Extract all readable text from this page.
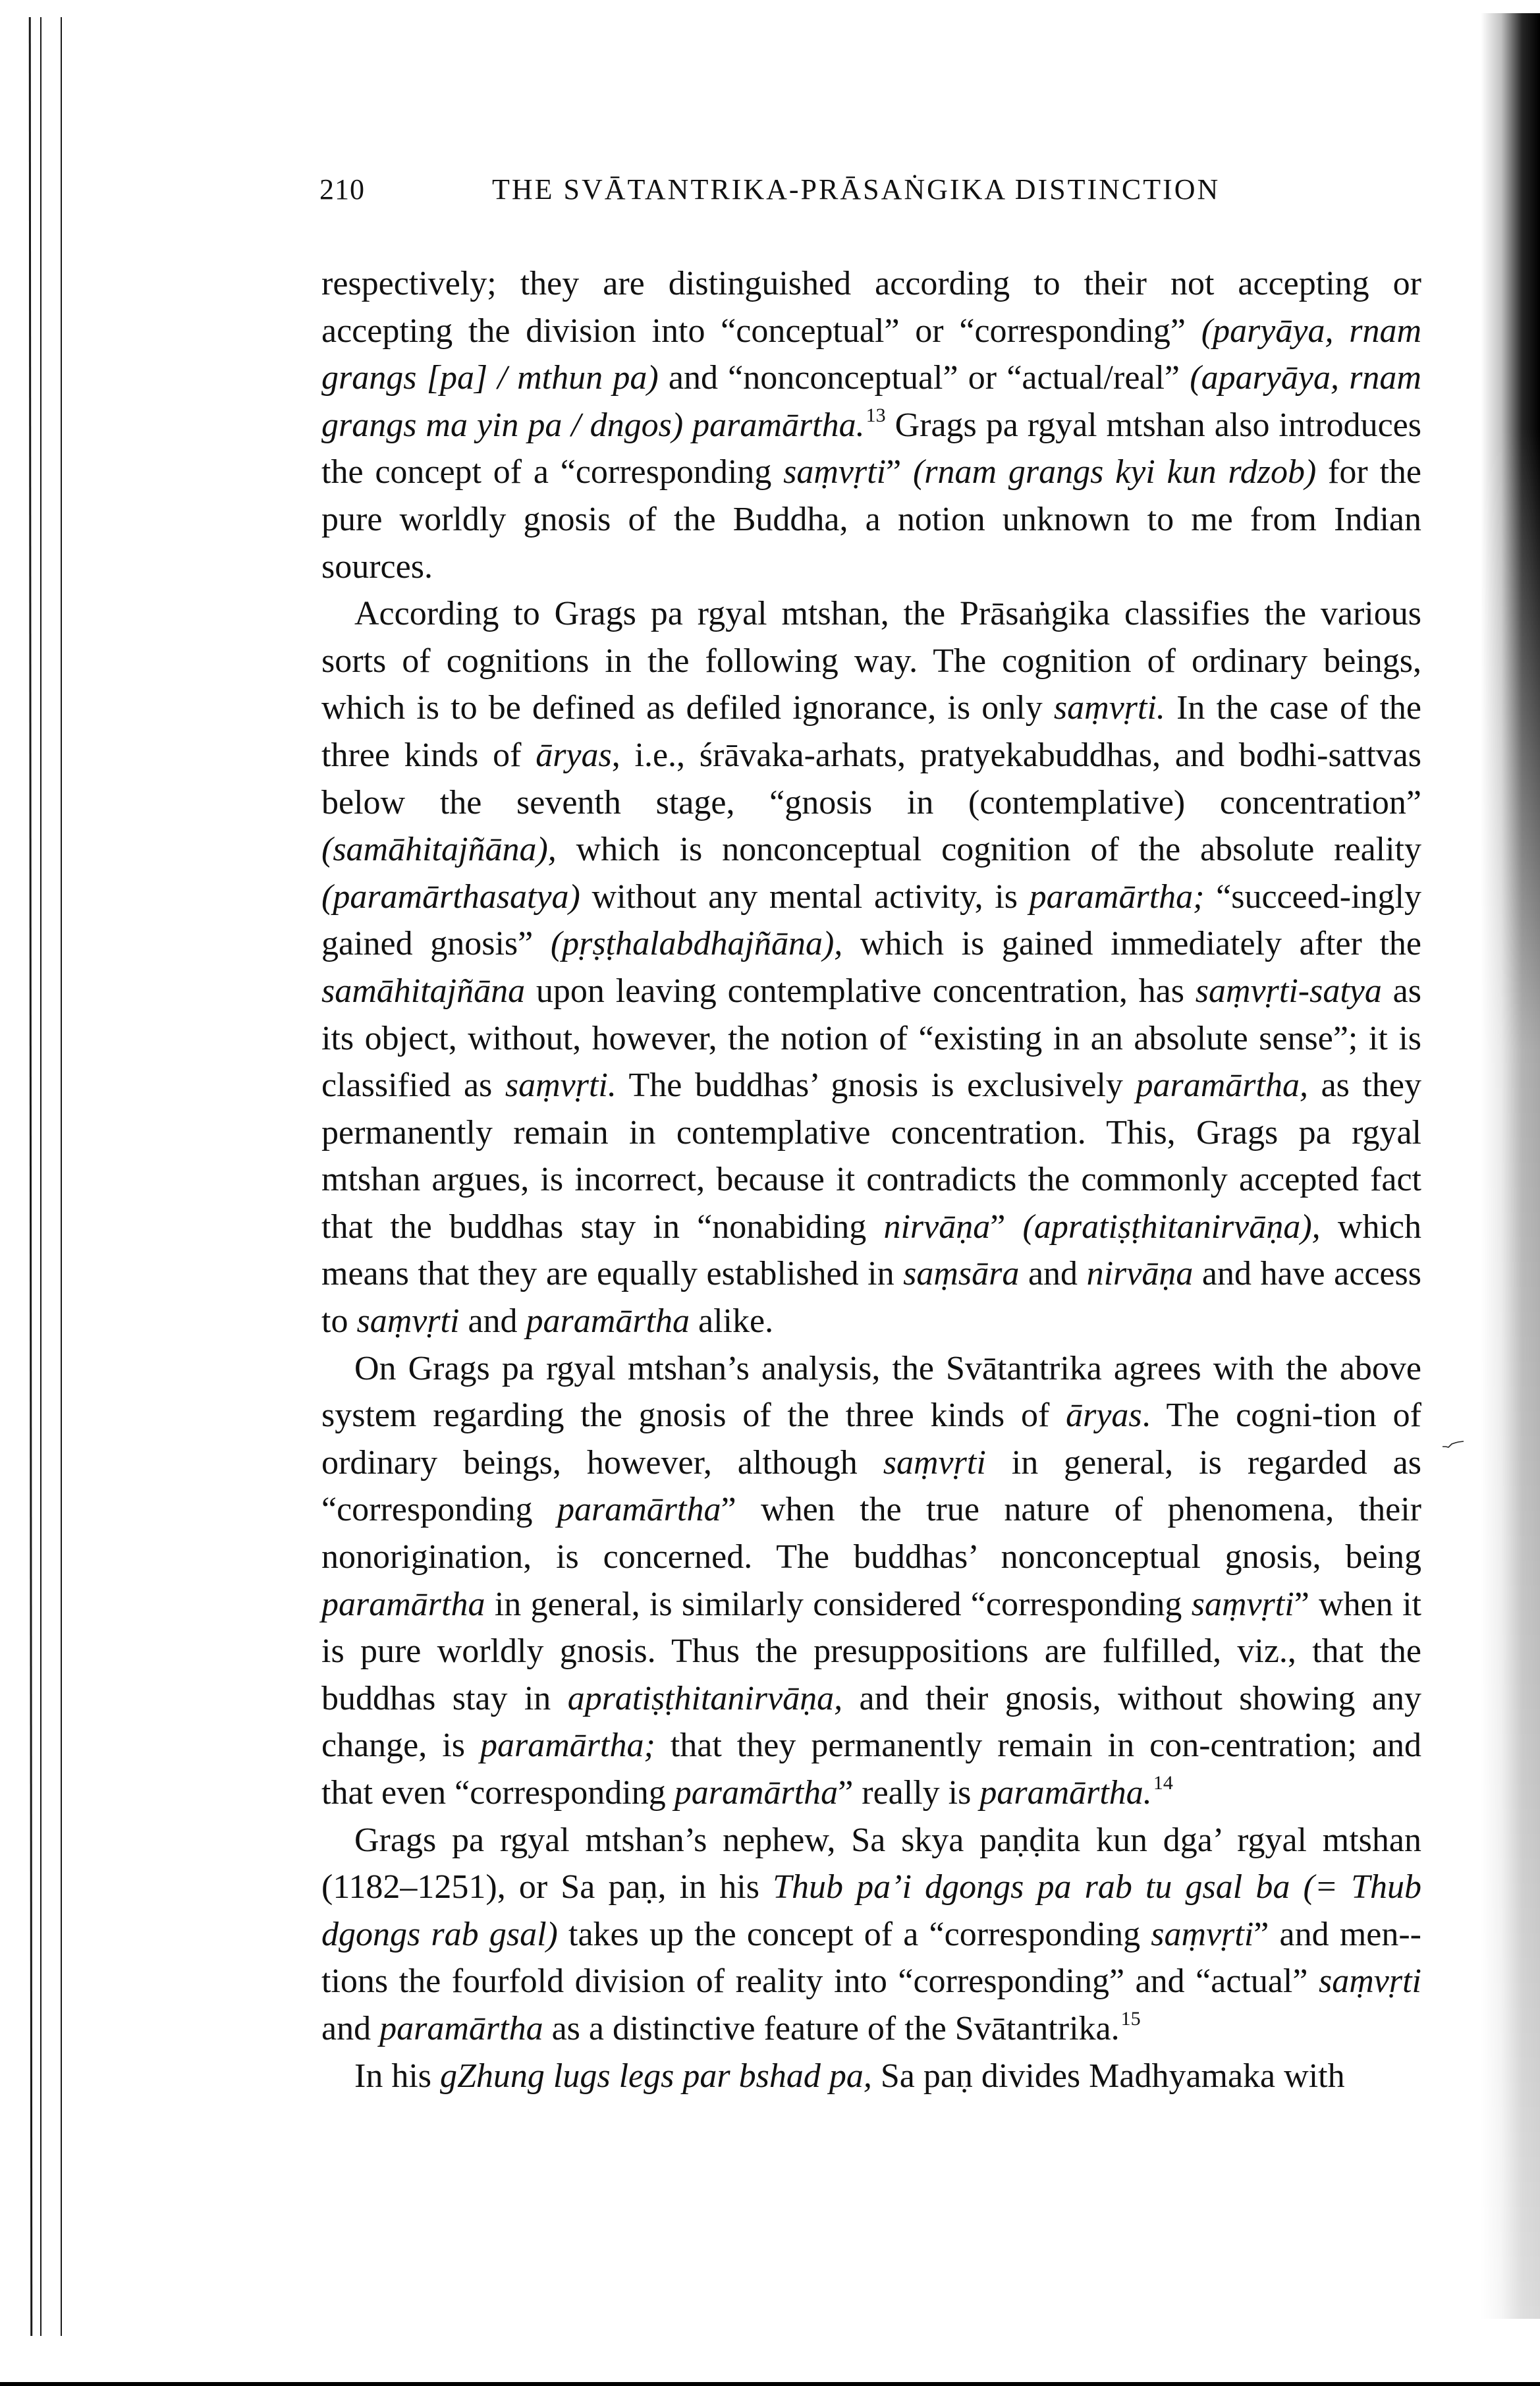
210	THE SVĀTANTRIKA-PRĀSAṄGIKA DISTINCTION

respectively; they are distinguished according to their not accepting or accepting the division into “conceptual” or “corresponding” (paryāya, rnam grangs [pa] / mthun pa) and “nonconceptual” or “actual/real” (aparyāya, rnam grangs ma yin pa / dngos) paramārtha.$^{13}$ Grags pa rgyal mtshan also introduces the concept of a “corresponding saṃvṛti” (rnam grangs kyi kun rdzob) for the pure worldly gnosis of the Buddha, a notion unknown to me from Indian sources.

According to Grags pa rgyal mtshan, the Prāsaṅgika classifies the various sorts of cognitions in the following way. The cognition of ordinary beings, which is to be defined as defiled ignorance, is only saṃvṛti. In the case of the three kinds of āryas, i.e., śrāvaka-arhats, pratyekabuddhas, and bodhi-sattvas below the seventh stage, “gnosis in (contemplative) concentration” (samāhitajñāna), which is nonconceptual cognition of the absolute reality (paramārthasatya) without any mental activity, is paramārtha; “succeed-ingly gained gnosis” (pṛṣṭhalabdhajñāna), which is gained immediately after the samāhitajñāna upon leaving contemplative concentration, has saṃvṛti-satya as its object, without, however, the notion of “existing in an absolute sense”; it is classified as saṃvṛti. The buddhas’ gnosis is exclusively paramārtha, as they permanently remain in contemplative concentration. This, Grags pa rgyal mtshan argues, is incorrect, because it contradicts the commonly accepted fact that the buddhas stay in “nonabiding nirvāṇa” (apratiṣṭhitanirvāṇa), which means that they are equally established in saṃsāra and nirvāṇa and have access to saṃvṛti and paramārtha alike.

On Grags pa rgyal mtshan’s analysis, the Svātantrika agrees with the above system regarding the gnosis of the three kinds of āryas. The cogni-tion of ordinary beings, however, although saṃvṛti in general, is regarded as “corresponding paramārtha” when the true nature of phenomena, their nonorigination, is concerned. The buddhas’ nonconceptual gnosis, being paramārtha in general, is similarly considered “corresponding saṃvṛti” when it is pure worldly gnosis. Thus the presuppositions are fulfilled, viz., that the buddhas stay in apratiṣṭhitanirvāṇa, and their gnosis, without showing any change, is paramārtha; that they permanently remain in con-centration; and that even “corresponding paramārtha” really is paramārtha.$^{14}$

Grags pa rgyal mtshan’s nephew, Sa skya paṇḍita kun dga’ rgyal mtshan (1182–1251), or Sa paṇ, in his Thub pa’i dgongs pa rab tu gsal ba (= Thub dgongs rab gsal) takes up the concept of a “corresponding saṃvṛti” and men-tions the fourfold division of reality into “corresponding” and “actual” saṃvṛti and paramārtha as a distinctive feature of the Svātantrika.$^{15}$

In his gZhung lugs legs par bshad pa, Sa paṇ divides Madhyamaka with
